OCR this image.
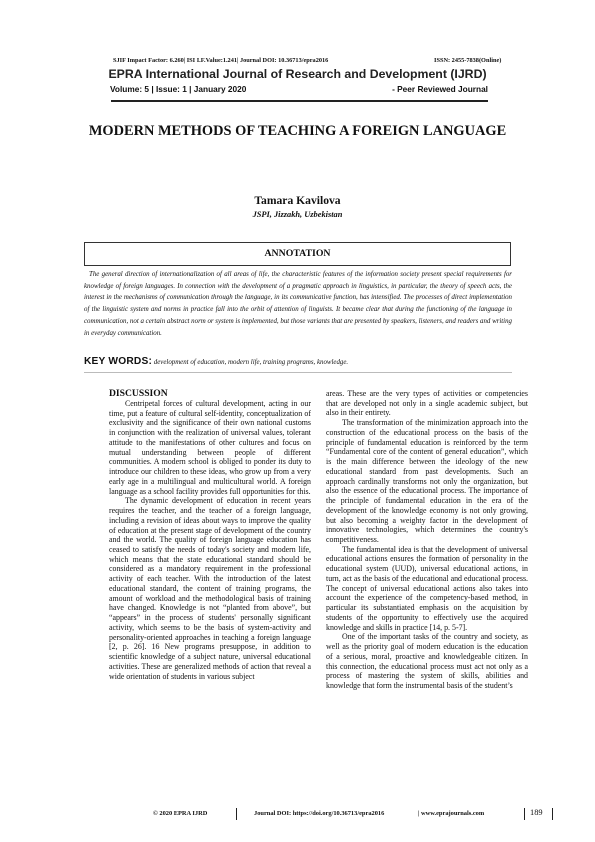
SJIF Impact Factor: 6.260| ISI I.F.Value:1.241| Journal DOI: 10.36713/epra2016	ISSN: 2455-7838(Online)
EPRA International Journal of Research and Development (IJRD)
Volume: 5 | Issue: 1 | January 2020	- Peer Reviewed Journal
MODERN METHODS OF TEACHING A FOREIGN LANGUAGE
Tamara Kavilova
JSPI, Jizzakh, Uzbekistan
ANNOTATION
The general direction of internationalization of all areas of life, the characteristic features of the information society present special requirements for knowledge of foreign languages. In connection with the development of a pragmatic approach in linguistics, in particular, the theory of speech acts, the interest in the mechanisms of communication through the language, in its communicative function, has intensified. The processes of direct implementation of the linguistic system and norms in practice fall into the orbit of attention of linguists. It became clear that during the functioning of the language in communication, not a certain abstract norm or system is implemented, but those variants that are presented by speakers, listeners, and readers and writing in everyday communication.
KEY WORDS: development of education, modern life, training programs, knowledge.
DISCUSSION

Centripetal forces of cultural development, acting in our time, put a feature of cultural self-identity, conceptualization of exclusivity and the significance of their own national customs in conjunction with the realization of universal values, tolerant attitude to the manifestations of other cultures and focus on mutual understanding between people of different communities. A modern school is obliged to ponder its duty to introduce our children to these ideas, who grow up from a very early age in a multilingual and multicultural world. A foreign language as a school facility provides full opportunities for this.

The dynamic development of education in recent years requires the teacher, and the teacher of a foreign language, including a revision of ideas about ways to improve the quality of education at the present stage of development of the country and the world. The quality of foreign language education has ceased to satisfy the needs of today's society and modern life, which means that the state educational standard should be considered as a mandatory requirement in the professional activity of each teacher. With the introduction of the latest educational standard, the content of training programs, the amount of workload and the methodological basis of training have changed. Knowledge is not “planted from above”, but “appears” in the process of students' personally significant activity, which seems to be the basis of system-activity and personality-oriented approaches in teaching a foreign language [2, p. 26]. 16 New programs presuppose, in addition to scientific knowledge of a subject nature, universal educational activities. These are generalized methods of action that reveal a wide orientation of students in various subject

areas. These are the very types of activities or competencies that are developed not only in a single academic subject, but also in their entirety.

The transformation of the minimization approach into the construction of the educational process on the basis of the principle of fundamental education is reinforced by the term “Fundamental core of the content of general education”, which is the main difference between the ideology of the new educational standard from past developments. Such an approach cardinally transforms not only the organization, but also the essence of the educational process. The importance of the principle of fundamental education in the era of the development of the knowledge economy is not only growing, but also becoming a weighty factor in the development of innovative technologies, which determines the country's competitiveness.

The fundamental idea is that the development of universal educational actions ensures the formation of personality in the educational system (UUD), universal educational actions, in turn, act as the basis of the educational and educational process. The concept of universal educational actions also takes into account the experience of the competency-based method, in particular its substantiated emphasis on the acquisition by students of the opportunity to effectively use the acquired knowledge and skills in practice [14, p. 5-7].

One of the important tasks of the country and society, as well as the priority goal of modern education is the education of a serious, moral, proactive and knowledgeable citizen. In this connection, the educational process must act not only as a process of mastering the system of skills, abilities and knowledge that form the instrumental basis of the student’s

© 2020 EPRA IJRD	Journal DOI: https://doi.org/10.36713/epra2016	| www.eprajournals.com	189
